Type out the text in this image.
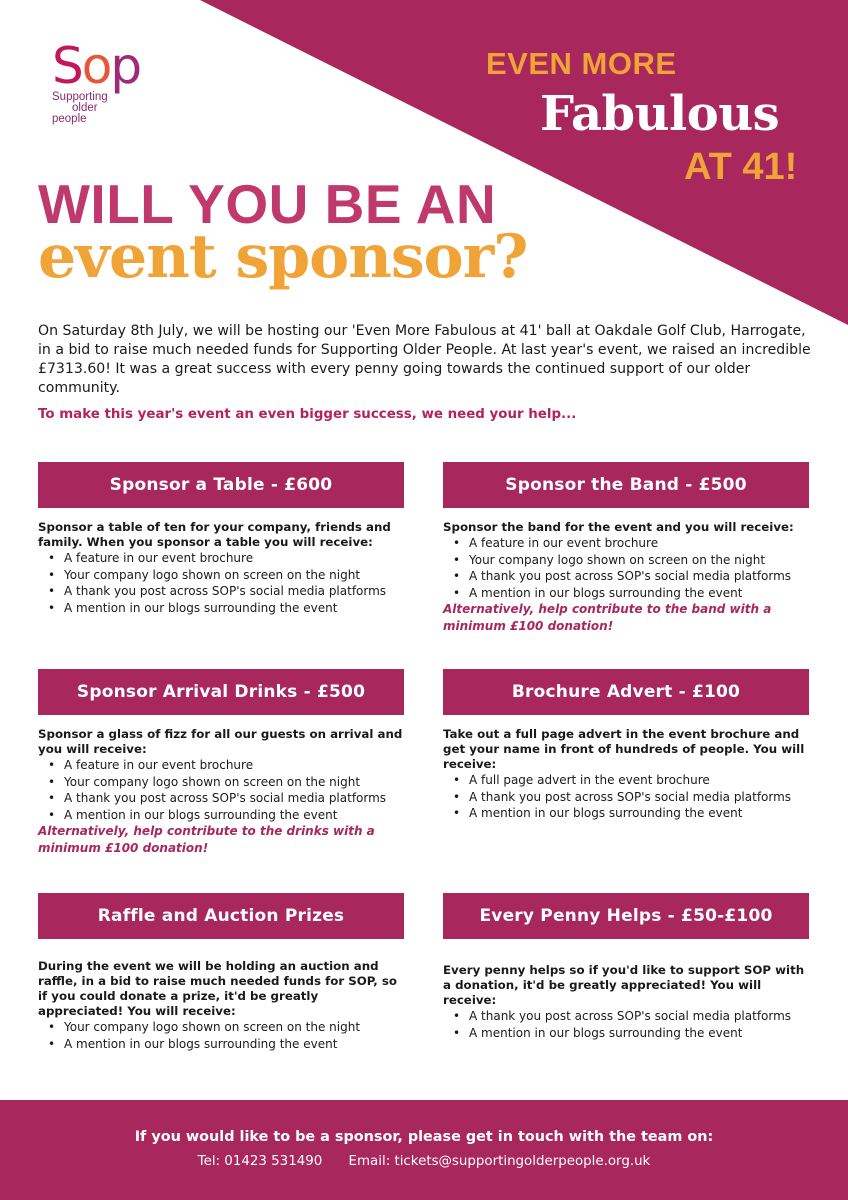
Sop
Supporting
older
people
EVEN MORE
Fabulous
AT 41!
WILL YOU BE AN
event sponsor?

On Saturday 8th July, we will be hosting our 'Even More Fabulous at 41' ball at Oakdale Golf Club, Harrogate, in a bid to raise much needed funds for Supporting Older People. At last year's event, we raised an incredible £7313.60! It was a great success with every penny going towards the continued support of our older community.

To make this year's event an even bigger success, we need your help...

Sponsor a Table - £600

Sponsor a table of ten for your company, friends and family. When you sponsor a table you will receive:

• A feature in our event brochure
• Your company logo shown on screen on the night
• A thank you post across SOP's social media platforms
• A mention in our blogs surrounding the event
Sponsor the Band - £500

Sponsor the band for the event and you will receive:

• A feature in our event brochure
• Your company logo shown on screen on the night
• A thank you post across SOP's social media platforms
• A mention in our blogs surrounding the event

Alternatively, help contribute to the band with a minimum £100 donation!

Sponsor Arrival Drinks - £500

Sponsor a glass of fizz for all our guests on arrival and you will receive:

• A feature in our event brochure
• Your company logo shown on screen on the night
• A thank you post across SOP's social media platforms
• A mention in our blogs surrounding the event

Alternatively, help contribute to the drinks with a minimum £100 donation!

Brochure Advert - £100

Take out a full page advert in the event brochure and get your name in front of hundreds of people. You will receive:

• A full page advert in the event brochure
• A thank you post across SOP's social media platforms
• A mention in our blogs surrounding the event
Raffle and Auction Prizes

During the event we will be holding an auction and raffle, in a bid to raise much needed funds for SOP, so if you could donate a prize, it'd be greatly appreciated! You will receive:

• Your company logo shown on screen on the night
• A mention in our blogs surrounding the event
Every Penny Helps - £50-£100

Every penny helps so if you'd like to support SOP with a donation, it'd be greatly appreciated! You will receive:

• A thank you post across SOP's social media platforms
• A mention in our blogs surrounding the event

If you would like to be a sponsor, please get in touch with the team on:

Tel: 01423 531490 Email: tickets@supportingolderpeople.org.uk
